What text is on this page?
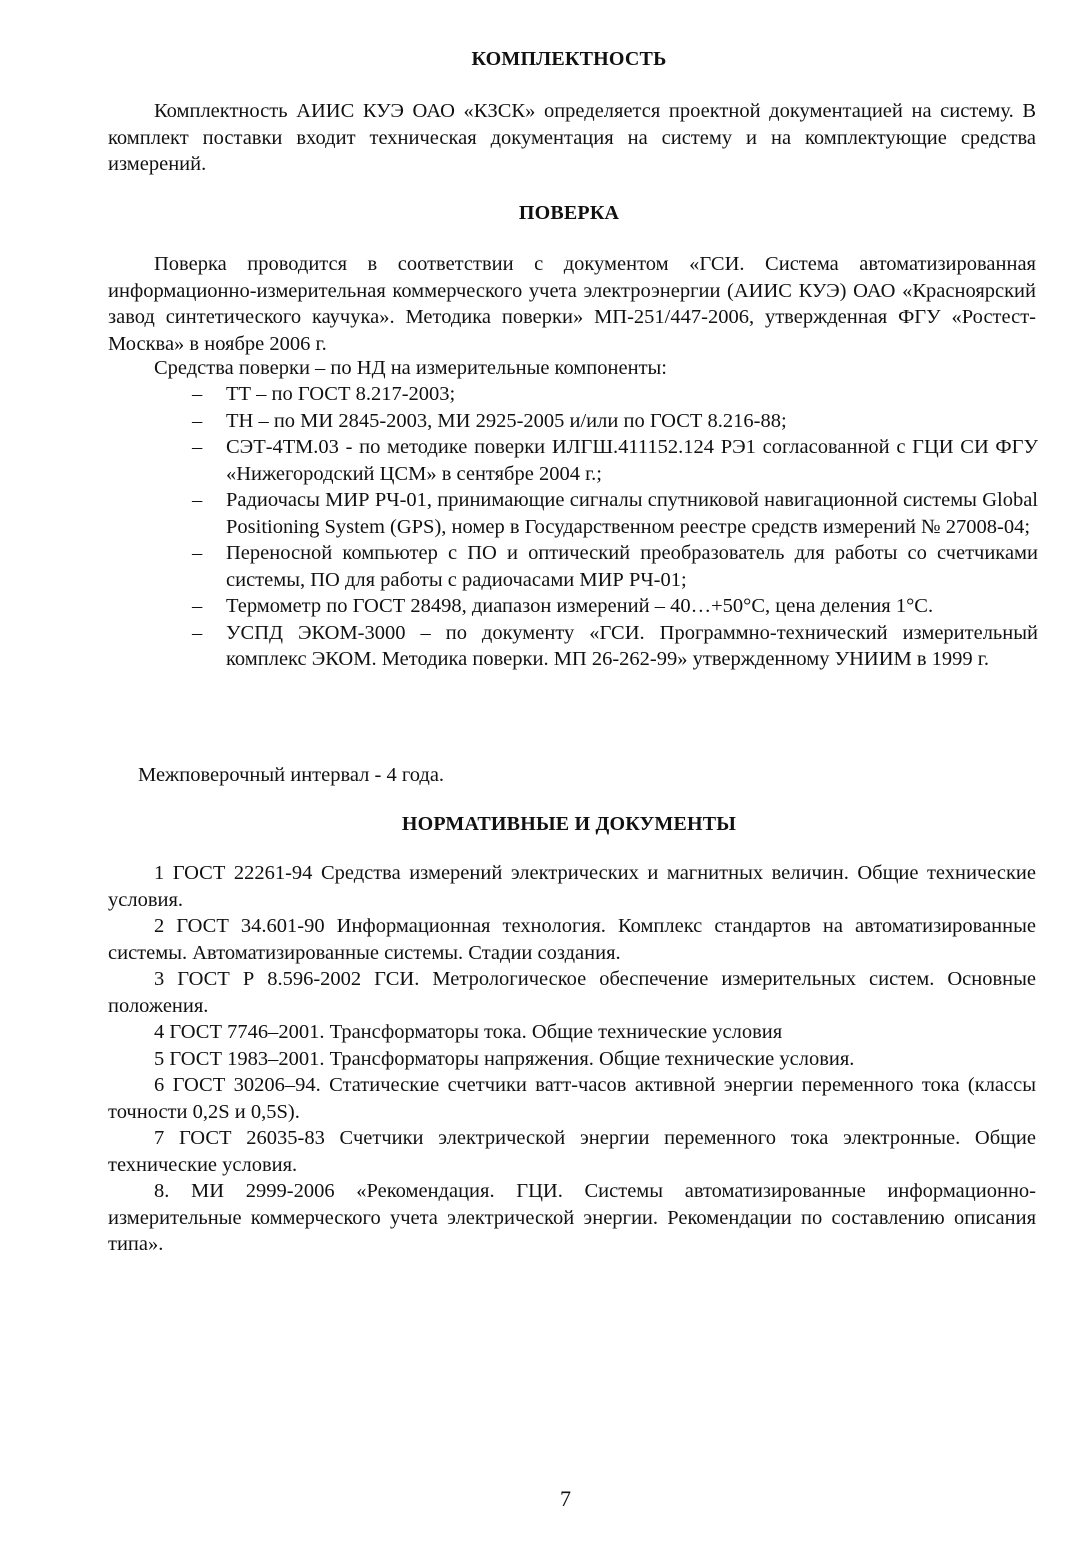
КОМПЛЕКТНОСТЬ

Комплектность АИИС КУЭ ОАО «КЗСК» определяется проектной документацией на систему. В комплект поставки входит техническая документация на систему и на комплектующие средства измерений.

ПОВЕРКА

Поверка проводится в соответствии с документом «ГСИ. Система автоматизированная информационно-измерительная коммерческого учета электроэнергии (АИИС КУЭ) ОАО «Красноярский завод синтетического каучука». Методика поверки» МП-251/447-2006, утвержденная ФГУ «Ростест-Москва» в ноябре 2006 г.

Средства поверки – по НД на измерительные компоненты:

– ТТ – по ГОСТ 8.217-2003;
– ТН – по МИ 2845-2003, МИ 2925-2005 и/или по ГОСТ 8.216-88;
– СЭТ-4ТМ.03 - по методике поверки ИЛГШ.411152.124 РЭ1 согласованной с ГЦИ СИ ФГУ «Нижегородский ЦСМ» в сентябре 2004 г.;
– Радиочасы МИР РЧ-01, принимающие сигналы спутниковой навигационной системы Global Positioning System (GPS), номер в Государственном реестре средств измерений № 27008-04;
– Переносной компьютер с ПО и оптический преобразователь для работы со счетчиками системы, ПО для работы с радиочасами МИР РЧ-01;
– Термометр по ГОСТ 28498, диапазон измерений – 40…+50°С, цена деления 1°С.
– УСПД ЭКОМ-3000 – по документу «ГСИ. Программно-технический измерительный комплекс ЭКОМ. Методика поверки. МП 26-262-99» утвержденному УНИИМ в 1999 г.

Межповерочный интервал - 4 года.

НОРМАТИВНЫЕ И ДОКУМЕНТЫ

1 ГОСТ 22261-94 Средства измерений электрических и магнитных величин. Общие технические условия.

2 ГОСТ 34.601-90 Информационная технология. Комплекс стандартов на автоматизированные системы. Автоматизированные системы. Стадии создания.

3 ГОСТ Р 8.596-2002 ГСИ. Метрологическое обеспечение измерительных систем. Основные положения.

4 ГОСТ 7746–2001. Трансформаторы тока. Общие технические условия

5 ГОСТ 1983–2001. Трансформаторы напряжения. Общие технические условия.

6 ГОСТ 30206–94. Статические счетчики ватт-часов активной энергии переменного тока (классы точности 0,2S и 0,5S).

7 ГОСТ 26035-83 Счетчики электрической энергии переменного тока электронные. Общие технические условия.

8. МИ 2999-2006 «Рекомендация. ГЦИ. Системы автоматизированные информационно-измерительные коммерческого учета электрической энергии. Рекомендации по составлению описания типа».

7
